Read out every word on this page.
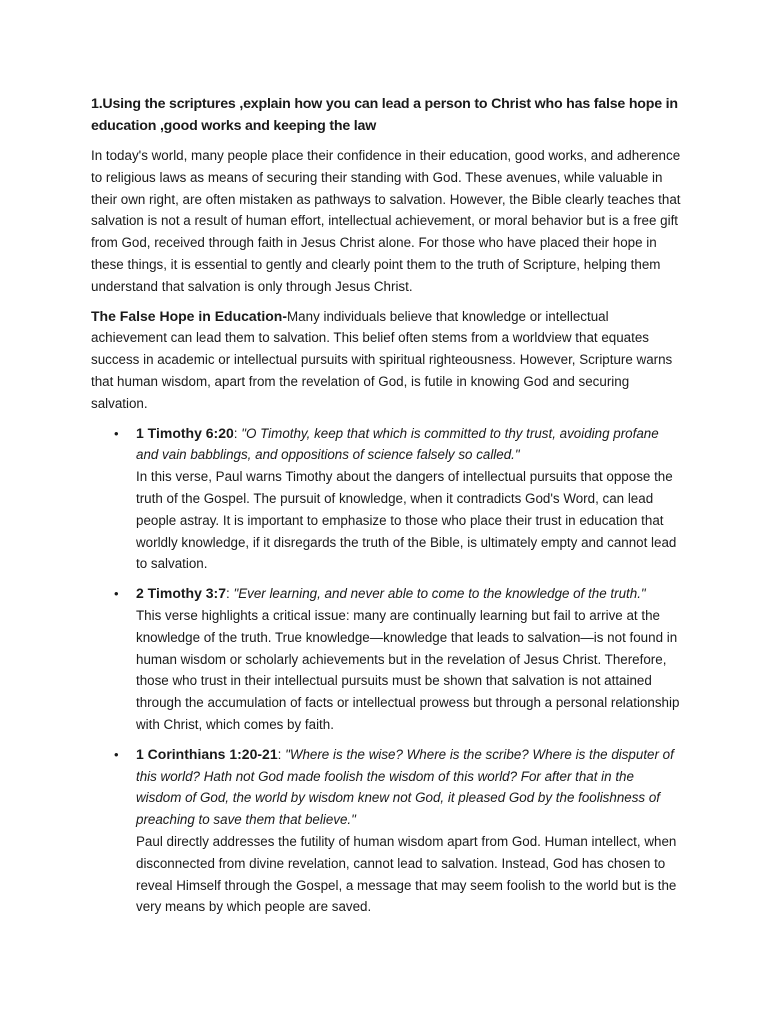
1.Using the scriptures ,explain how you can lead a person to Christ who has false hope in education ,good works and keeping the law

In today's world, many people place their confidence in their education, good works, and adherence to religious laws as means of securing their standing with God. These avenues, while valuable in their own right, are often mistaken as pathways to salvation. However, the Bible clearly teaches that salvation is not a result of human effort, intellectual achievement, or moral behavior but is a free gift from God, received through faith in Jesus Christ alone. For those who have placed their hope in these things, it is essential to gently and clearly point them to the truth of Scripture, helping them understand that salvation is only through Jesus Christ.

The False Hope in Education-Many individuals believe that knowledge or intellectual achievement can lead them to salvation. This belief often stems from a worldview that equates success in academic or intellectual pursuits with spiritual righteousness. However, Scripture warns that human wisdom, apart from the revelation of God, is futile in knowing God and securing salvation.

• 1 Timothy 6:20: "O Timothy, keep that which is committed to thy trust, avoiding profane and vain babblings, and oppositions of science falsely so called."
In this verse, Paul warns Timothy about the dangers of intellectual pursuits that oppose the truth of the Gospel. The pursuit of knowledge, when it contradicts God's Word, can lead people astray. It is important to emphasize to those who place their trust in education that worldly knowledge, if it disregards the truth of the Bible, is ultimately empty and cannot lead to salvation.
• 2 Timothy 3:7: "Ever learning, and never able to come to the knowledge of the truth."
This verse highlights a critical issue: many are continually learning but fail to arrive at the knowledge of the truth. True knowledge—knowledge that leads to salvation—is not found in human wisdom or scholarly achievements but in the revelation of Jesus Christ. Therefore, those who trust in their intellectual pursuits must be shown that salvation is not attained through the accumulation of facts or intellectual prowess but through a personal relationship with Christ, which comes by faith.
• 1 Corinthians 1:20-21: "Where is the wise? Where is the scribe? Where is the disputer of this world? Hath not God made foolish the wisdom of this world? For after that in the wisdom of God, the world by wisdom knew not God, it pleased God by the foolishness of preaching to save them that believe."
Paul directly addresses the futility of human wisdom apart from God. Human intellect, when disconnected from divine revelation, cannot lead to salvation. Instead, God has chosen to reveal Himself through the Gospel, a message that may seem foolish to the world but is the very means by which people are saved.
